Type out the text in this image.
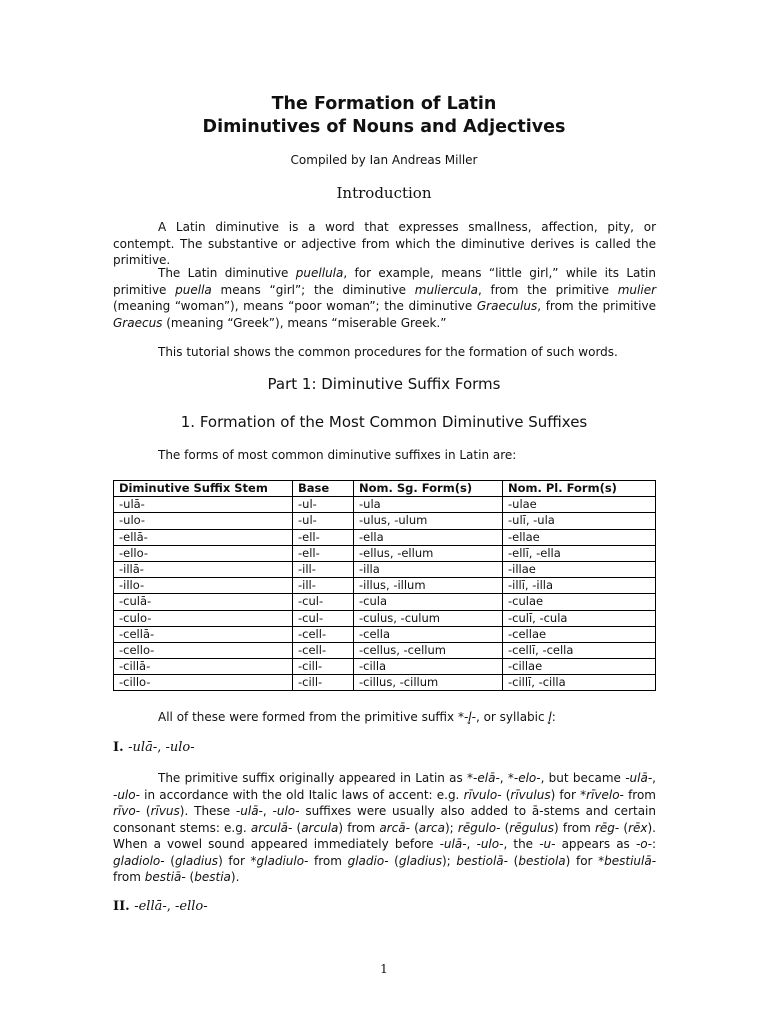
The Formation of Latin
Diminutives of Nouns and Adjectives
Compiled by Ian Andreas Miller
Introduction

A Latin diminutive is a word that expresses smallness, affection, pity, or contempt. The substantive or adjective from which the diminutive derives is called the primitive.

The Latin diminutive puellula, for example, means “little girl,” while its Latin primitive puella means “girl”; the diminutive muliercula, from the primitive mulier (meaning “woman”), means “poor woman”; the diminutive Graeculus, from the primitive Graecus (meaning “Greek”), means “miserable Greek.”

This tutorial shows the common procedures for the formation of such words.

Part 1: Diminutive Suffix Forms
1. Formation of the Most Common Diminutive Suffixes

The forms of most common diminutive suffixes in Latin are:

Diminutive Suffix Stem	Base	Nom. Sg. Form(s)	Nom. Pl. Form(s)
-ulā-	-ul-	-ula	-ulae
-ulo-	-ul-	-ulus, -ulum	-ulī, -ula
-ellā-	-ell-	-ella	-ellae
-ello-	-ell-	-ellus, -ellum	-ellī, -ella
-illā-	-ill-	-illa	-illae
-illo-	-ill-	-illus, -illum	-illī, -illa
-culā-	-cul-	-cula	-culae
-culo-	-cul-	-culus, -culum	-culī, -cula
-cellā-	-cell-	-cella	-cellae
-cello-	-cell-	-cellus, -cellum	-cellī, -cella
-cillā-	-cill-	-cilla	-cillae
-cillo-	-cill-	-cillus, -cillum	-cillī, -cilla

All of these were formed from the primitive suffix *-l̥-, or syllabic l̥:

I. -ulā-, -ulo-

The primitive suffix originally appeared in Latin as *-elā-, *-elo-, but became -ulā-, -ulo- in accordance with the old Italic laws of accent: e.g. rīvulo- (rīvulus) for *rīvelo- from rīvo- (rīvus). These -ulā-, -ulo- suffixes were usually also added to ā-stems and certain consonant stems: e.g. arculā- (arcula) from arcā- (arca); rēgulo- (rēgulus) from rēg- (rēx). When a vowel sound appeared immediately before -ulā-, -ulo-, the -u- appears as -o-: gladiolo- (gladius) for *gladiulo- from gladio- (gladius); bestiolā- (bestiola) for *bestiulā- from bestiā- (bestia).

II. -ellā-, -ello-
1
